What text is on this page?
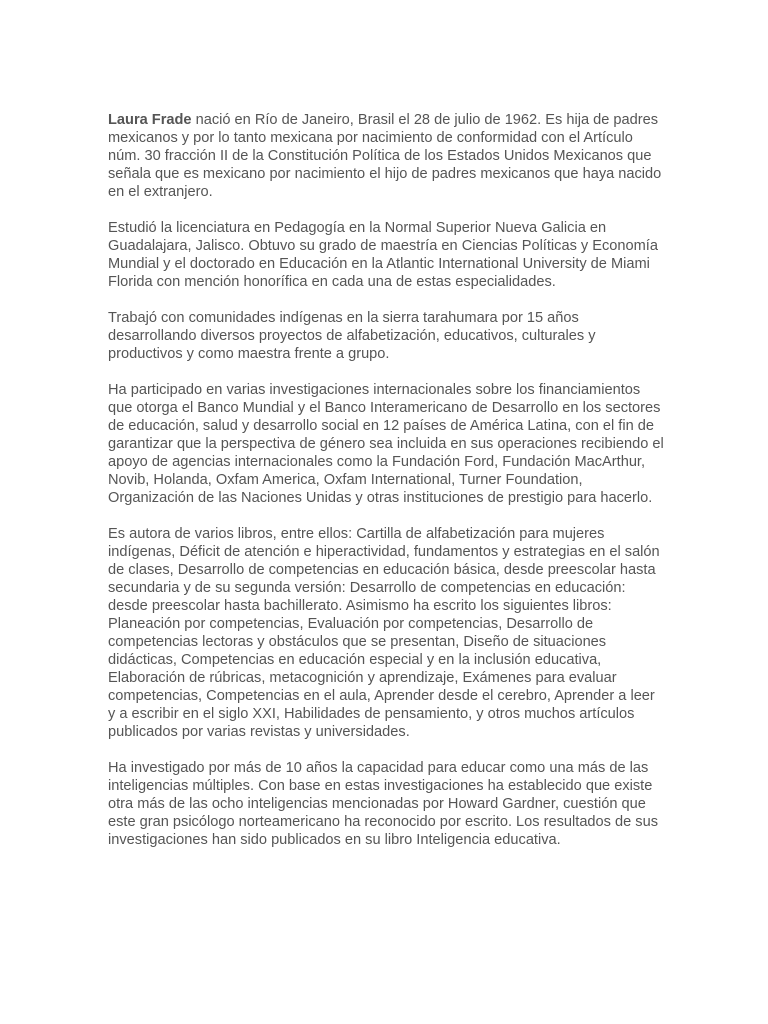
Laura Frade nació en Río de Janeiro, Brasil el 28 de julio de 1962. Es hija de padres mexicanos y por lo tanto mexicana por nacimiento de conformidad con el Artículo núm. 30 fracción II de la Constitución Política de los Estados Unidos Mexicanos que señala que es mexicano por nacimiento el hijo de padres mexicanos que haya nacido en el extranjero.

Estudió la licenciatura en Pedagogía en la Normal Superior Nueva Galicia en Guadalajara, Jalisco. Obtuvo su grado de maestría en Ciencias Políticas y Economía Mundial y el doctorado en Educación en la Atlantic International University de Miami Florida con mención honorífica en cada una de estas especialidades.

Trabajó con comunidades indígenas en la sierra tarahumara por 15 años desarrollando diversos proyectos de alfabetización, educativos, culturales y productivos y como maestra frente a grupo.

Ha participado en varias investigaciones internacionales sobre los financiamientos que otorga el Banco Mundial y el Banco Interamericano de Desarrollo en los sectores de educación, salud y desarrollo social en 12 países de América Latina, con el fin de garantizar que la perspectiva de género sea incluida en sus operaciones recibiendo el apoyo de agencias internacionales como la Fundación Ford, Fundación MacArthur, Novib, Holanda, Oxfam America, Oxfam International, Turner Foundation, Organización de las Naciones Unidas y otras instituciones de prestigio para hacerlo.

Es autora de varios libros, entre ellos: Cartilla de alfabetización para mujeres indígenas, Déficit de atención e hiperactividad, fundamentos y estrategias en el salón de clases, Desarrollo de competencias en educación básica, desde preescolar hasta secundaria y de su segunda versión: Desarrollo de competencias en educación: desde preescolar hasta bachillerato. Asimismo ha escrito los siguientes libros: Planeación por competencias, Evaluación por competencias, Desarrollo de competencias lectoras y obstáculos que se presentan, Diseño de situaciones didácticas, Competencias en educación especial y en la inclusión educativa, Elaboración de rúbricas, metacognición y aprendizaje, Exámenes para evaluar competencias, Competencias en el aula, Aprender desde el cerebro, Aprender a leer y a escribir en el siglo XXI, Habilidades de pensamiento, y otros muchos artículos publicados por varias revistas y universidades.

Ha investigado por más de 10 años la capacidad para educar como una más de las inteligencias múltiples. Con base en estas investigaciones ha establecido que existe otra más de las ocho inteligencias mencionadas por Howard Gardner, cuestión que este gran psicólogo norteamericano ha reconocido por escrito. Los resultados de sus investigaciones han sido publicados en su libro Inteligencia educativa.
